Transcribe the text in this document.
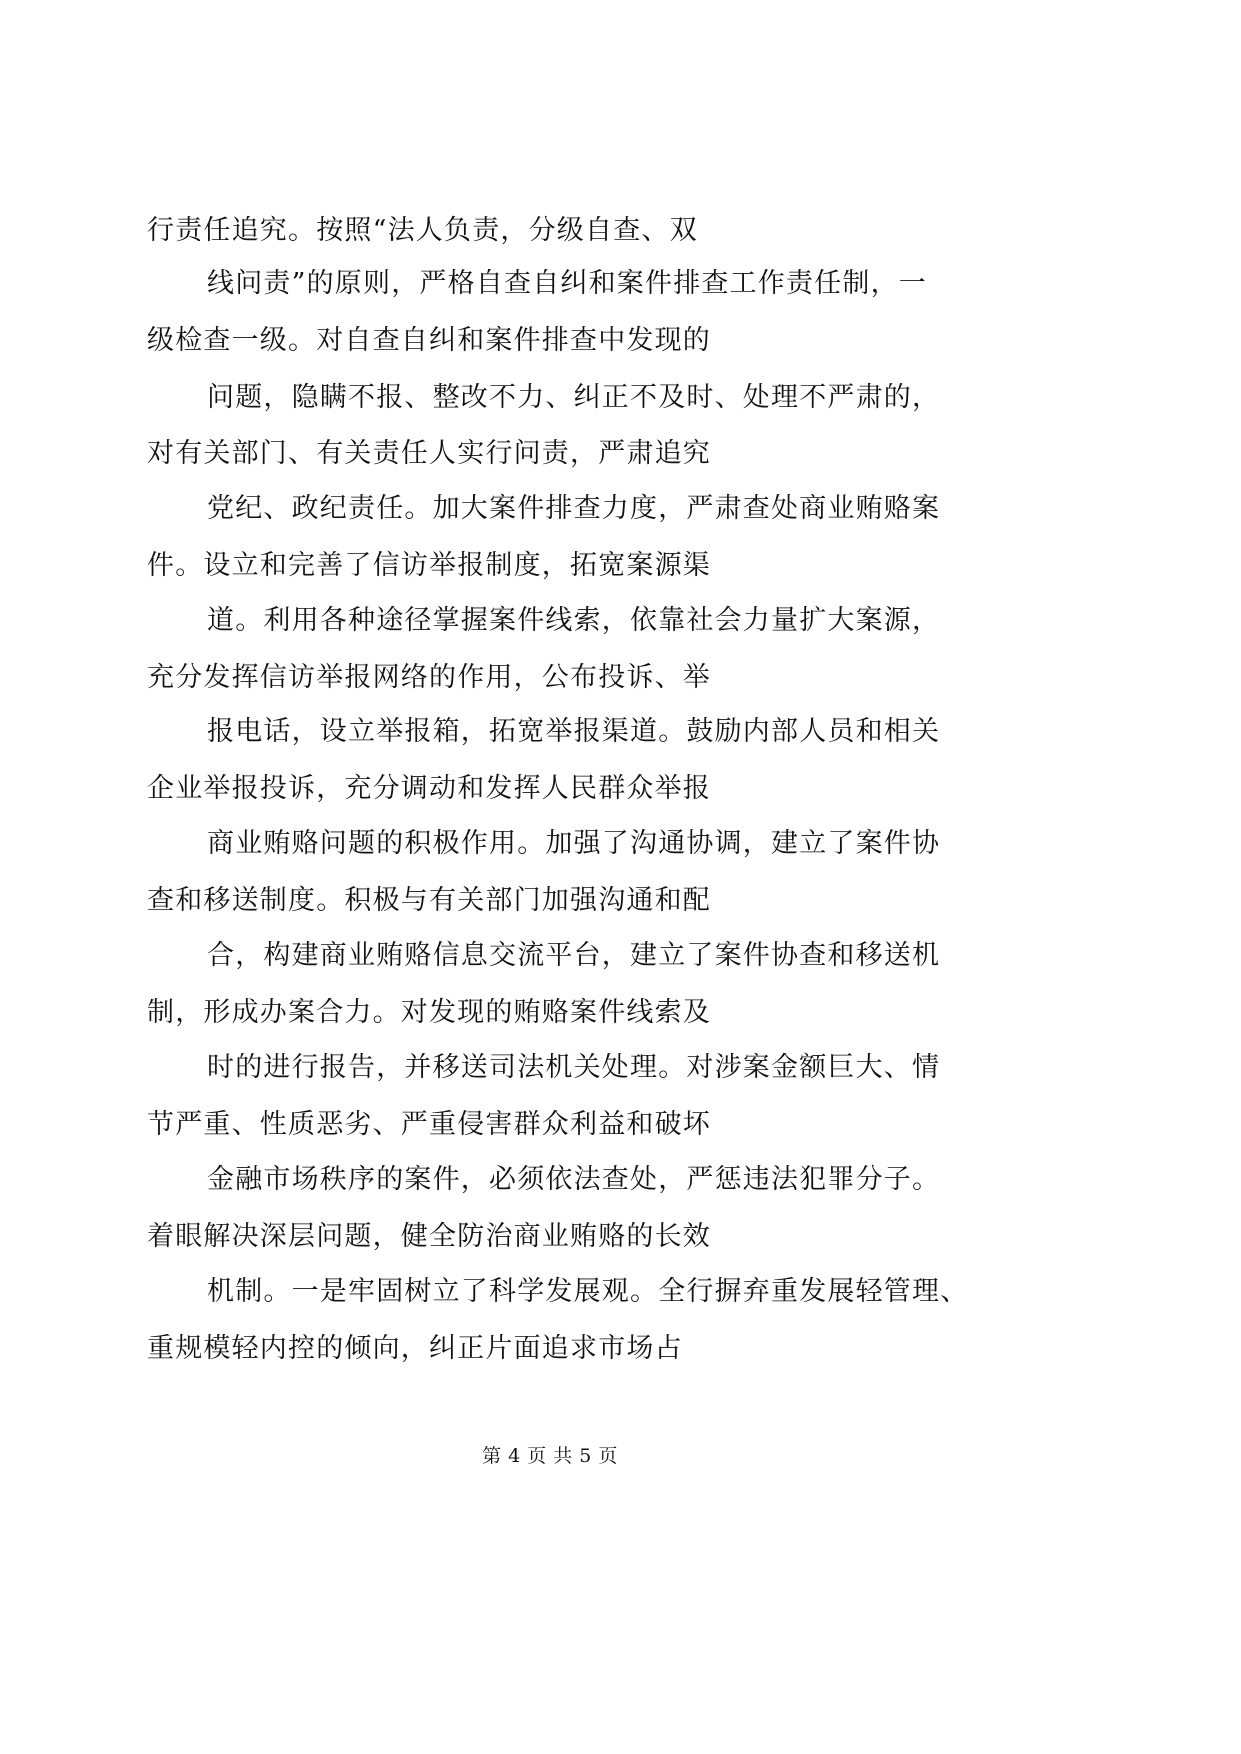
行责任追究。按照“法人负责，分级自查、双
线问责”的原则，严格自查自纠和案件排查工作责任制，一
级检查一级。对自查自纠和案件排查中发现的
问题，隐瞒不报、整改不力、纠正不及时、处理不严肃的，
对有关部门、有关责任人实行问责，严肃追究
党纪、政纪责任。加大案件排查力度，严肃查处商业贿赂案
件。设立和完善了信访举报制度，拓宽案源渠
道。利用各种途径掌握案件线索，依靠社会力量扩大案源，
充分发挥信访举报网络的作用，公布投诉、举
报电话，设立举报箱，拓宽举报渠道。鼓励内部人员和相关
企业举报投诉，充分调动和发挥人民群众举报
商业贿赂问题的积极作用。加强了沟通协调，建立了案件协
查和移送制度。积极与有关部门加强沟通和配
合，构建商业贿赂信息交流平台，建立了案件协查和移送机
制，形成办案合力。对发现的贿赂案件线索及
时的进行报告，并移送司法机关处理。对涉案金额巨大、情
节严重、性质恶劣、严重侵害群众利益和破坏
金融市场秩序的案件，必须依法查处，严惩违法犯罪分子。
着眼解决深层问题，健全防治商业贿赂的长效
机制。一是牢固树立了科学发展观。全行摒弃重发展轻管理、
重规模轻内控的倾向，纠正片面追求市场占
第 4 页 共 5 页
